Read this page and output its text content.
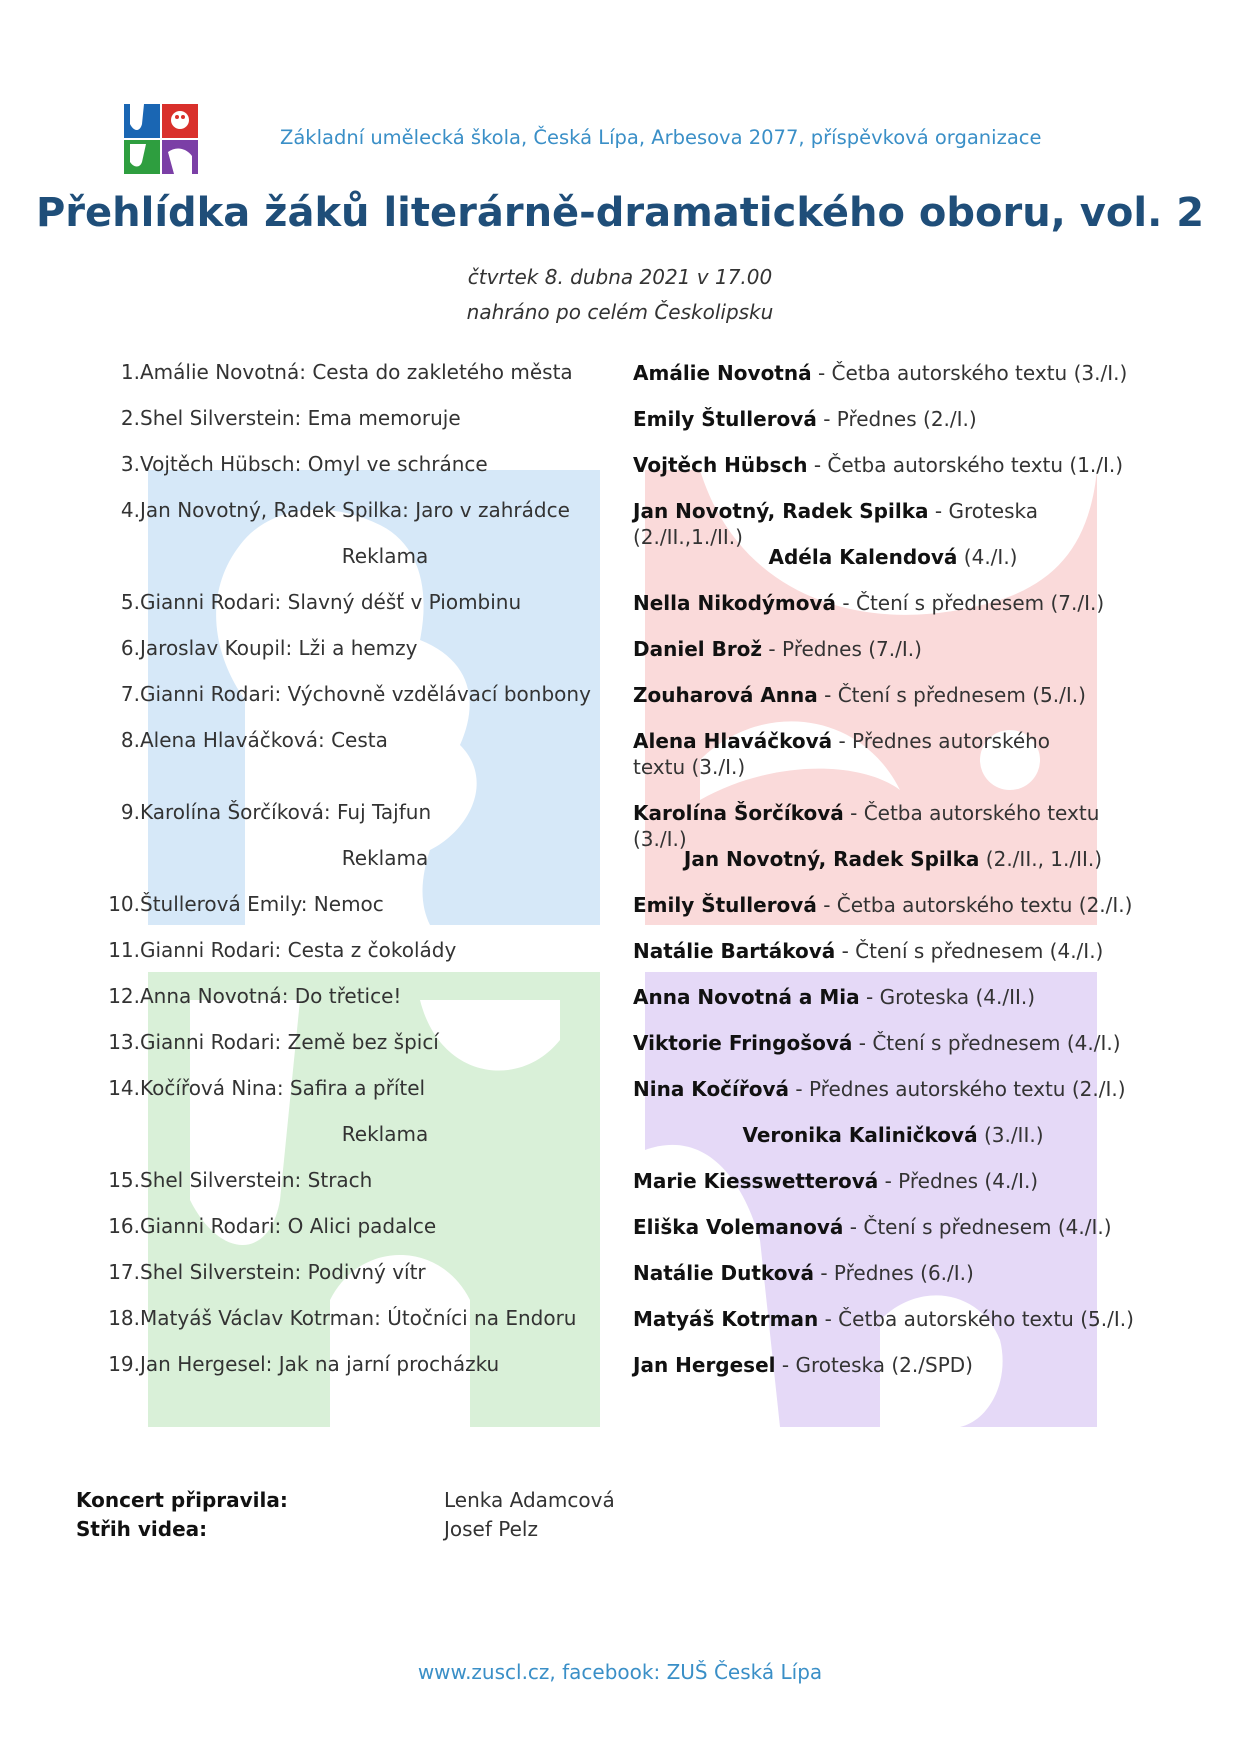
Základní umělecká škola, Česká Lípa, Arbesova 2077, příspěvková organizace
Přehlídka žáků literárně-dramatického oboru, vol. 2
čtvrtek 8. dubna 2021 v 17.00
nahráno po celém Českolipsku
1.Amálie Novotná: Cesta do zakletého města	Amálie Novotná - Četba autorského textu (3./I.)
2.Shel Silverstein: Ema memoruje	Emily Štullerová - Přednes (2./I.)
3.Vojtěch Hübsch: Omyl ve schránce	Vojtěch Hübsch - Četba autorského textu (1./I.)
4.Jan Novotný, Radek Spilka: Jaro v zahrádce	Jan Novotný, Radek Spilka - Groteska (2./II.,1./II.)
Reklama	Adéla Kalendová (4./I.)
5.Gianni Rodari: Slavný déšť v Piombinu	Nella Nikodýmová - Čtení s přednesem (7./I.)
6.Jaroslav Koupil: Lži a hemzy	Daniel Brož - Přednes (7./I.)
7.Gianni Rodari: Výchovně vzdělávací bonbony	Zouharová Anna - Čtení s přednesem (5./I.)
8.Alena Hlaváčková: Cesta	Alena Hlaváčková - Přednes autorského textu (3./I.)
9.Karolína Šorčíková: Fuj Tajfun	Karolína Šorčíková - Četba autorského textu (3./I.)
Reklama	Jan Novotný, Radek Spilka (2./II., 1./II.)
10.Štullerová Emily: Nemoc	Emily Štullerová - Četba autorského textu (2./I.)
11.Gianni Rodari: Cesta z čokolády	Natálie Bartáková - Čtení s přednesem (4./I.)
12.Anna Novotná: Do třetice!	Anna Novotná a Mia - Groteska (4./II.)
13.Gianni Rodari: Země bez špicí	Viktorie Fringošová - Čtení s přednesem (4./I.)
14.Kočířová Nina: Safira a přítel	Nina Kočířová - Přednes autorského textu (2./I.)
Reklama	Veronika Kaliničková (3./II.)
15.Shel Silverstein: Strach	Marie Kiesswetterová - Přednes (4./I.)
16.Gianni Rodari: O Alici padalce	Eliška Volemanová - Čtení s přednesem (4./I.)
17.Shel Silverstein: Podivný vítr	Natálie Dutková - Přednes (6./I.)
18.Matyáš Václav Kotrman: Útočníci na Endoru	Matyáš Kotrman - Četba autorského textu (5./I.)
19.Jan Hergesel: Jak na jarní procházku	Jan Hergesel - Groteska (2./SPD)
Koncert připravila:	Lenka Adamcová
Střih videa:	Josef Pelz
www.zuscl.cz, facebook: ZUŠ Česká Lípa
